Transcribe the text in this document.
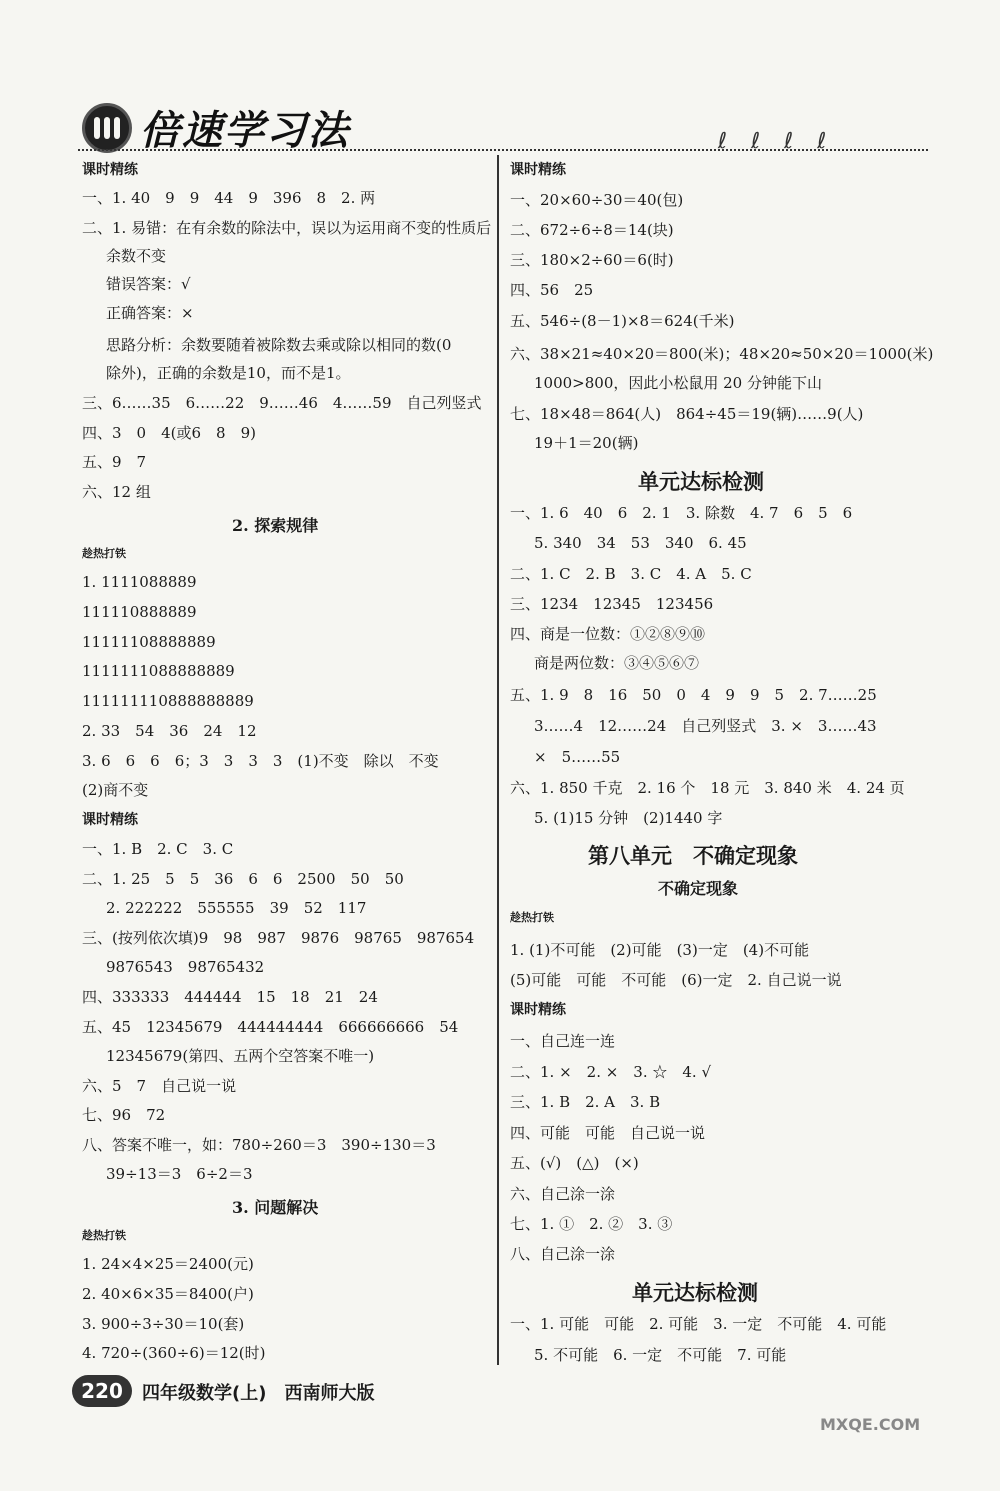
倍速学习法	ℓℓℓℓ
课时精练
一、1. 40　9　9　44　9　396　8　2. 两
二、1. 易错：在有余数的除法中，误以为运用商不变的性质后
余数不变
错误答案：√
正确答案：×
思路分析：余数要随着被除数去乘或除以相同的数(0
除外)，正确的余数是10，而不是1。
三、6……35　6……22　9……46　4……59　自己列竖式
四、3　0　4(或6　8　9)
五、9　7
六、12 组
趁热打铁
1. 1111088889
111110888889
11111108888889
1111111088888889
111111110888888889
2. 33　54　36　24　12
3. 6　6　6　6；3　3　3　3　(1)不变　除以　不变
(2)商不变
课时精练
一、1. B　2. C　3. C
二、1. 25　5　5　36　6　6　2500　50　50
2. 222222　555555　39　52　117
三、(按列依次填)9　98　987　9876　98765　987654
9876543　98765432
四、333333　444444　15　18　21　24
五、45　12345679　444444444　666666666　54
12345679(第四、五两个空答案不唯一)
六、5　7　自己说一说
七、96　72
八、答案不唯一，如：780÷260＝3　390÷130＝3
39÷13＝3　6÷2＝3
趁热打铁
1. 24×4×25＝2400(元)
2. 40×6×35＝8400(户)
3. 900÷3÷30＝10(套)
4. 720÷(360÷6)＝12(时)
2. 探索规律
3. 问题解决
课时精练
一、20×60÷30＝40(包)
二、672÷6÷8＝14(块)
三、180×2÷60＝6(时)
四、56　25
五、546÷(8－1)×8＝624(千米)
六、38×21≈40×20＝800(米)；48×20≈50×20＝1000(米)
1000>800，因此小松鼠用 20 分钟能下山
七、18×48＝864(人)　864÷45＝19(辆)……9(人)
19＋1＝20(辆)
一、1. 6　40　6　2. 1　3. 除数　4. 7　6　5　6
5. 340　34　53　340　6. 45
二、1. C　2. B　3. C　4. A　5. C
三、1234　12345　123456
四、商是一位数：①②⑧⑨⑩
商是两位数：③④⑤⑥⑦
五、1. 9　8　16　50　0　4　9　9　5　2. 7……25
3……4　12……24　自己列竖式　3. ×　3……43
×　5……55
六、1. 850 千克　2. 16 个　18 元　3. 840 米　4. 24 页
5. (1)15 分钟　(2)1440 字
趁热打铁
1. (1)不可能　(2)可能　(3)一定　(4)不可能
(5)可能　可能　不可能　(6)一定　2. 自己说一说
课时精练
一、自己连一连
二、1. ×　2. ×　3. ☆　4. √
三、1. B　2. A　3. B
四、可能　可能　自己说一说
五、(√)　(△)　(×)
六、自己涂一涂
七、1. ①　2. ②　3. ③
八、自己涂一涂
一、1. 可能　可能　2. 可能　3. 一定　不可能　4. 可能
5. 不可能　6. 一定　不可能　7. 可能
单元达标检测
第八单元　不确定现象
不确定现象
单元达标检测
220	四年级数学(上)　西南师大版
MXQE.COM
